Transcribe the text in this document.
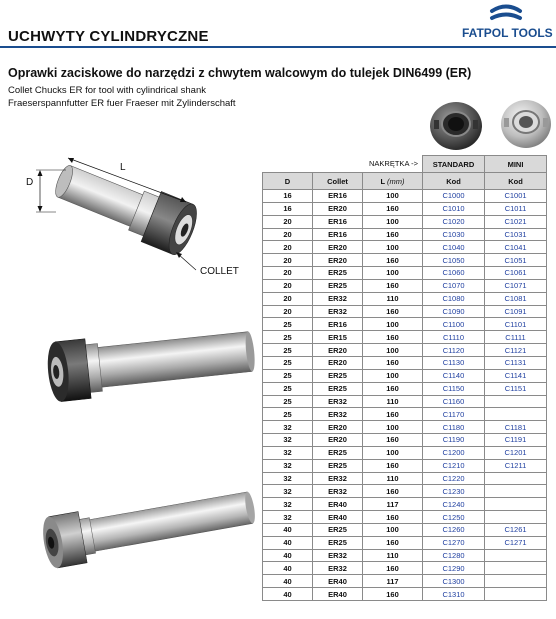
UCHWYTY CYLINDRYCZNE	FATPOL TOOLS
Oprawki zaciskowe do narzędzi z chwytem walcowym do tulejek DIN6499 (ER)
Collet Chucks ER for tool with cylindrical shank
Fraeserspannfutter ER fuer Fraeser mit Zylinderschaft
D
L
COLLET
NAKRĘTKA ->			STANDARD	MINI
D	Collet	L (mm)	Kod	Kod
16	ER16	100	C1000	C1001
16	ER20	160	C1010	C1011
20	ER16	100	C1020	C1021
20	ER16	160	C1030	C1031
20	ER20	100	C1040	C1041
20	ER20	160	C1050	C1051
20	ER25	100	C1060	C1061
20	ER25	160	C1070	C1071
20	ER32	110	C1080	C1081
20	ER32	160	C1090	C1091
25	ER16	100	C1100	C1101
25	ER15	160	C1110	C1111
25	ER20	100	C1120	C1121
25	ER20	160	C1130	C1131
25	ER25	100	C1140	C1141
25	ER25	160	C1150	C1151
25	ER32	110	C1160	
25	ER32	160	C1170	
32	ER20	100	C1180	C1181
32	ER20	160	C1190	C1191
32	ER25	100	C1200	C1201
32	ER25	160	C1210	C1211
32	ER32	110	C1220	
32	ER32	160	C1230	
32	ER40	117	C1240	
32	ER40	160	C1250	
40	ER25	100	C1260	C1261
40	ER25	160	C1270	C1271
40	ER32	110	C1280	
40	ER32	160	C1290	
40	ER40	117	C1300	
40	ER40	160	C1310	
